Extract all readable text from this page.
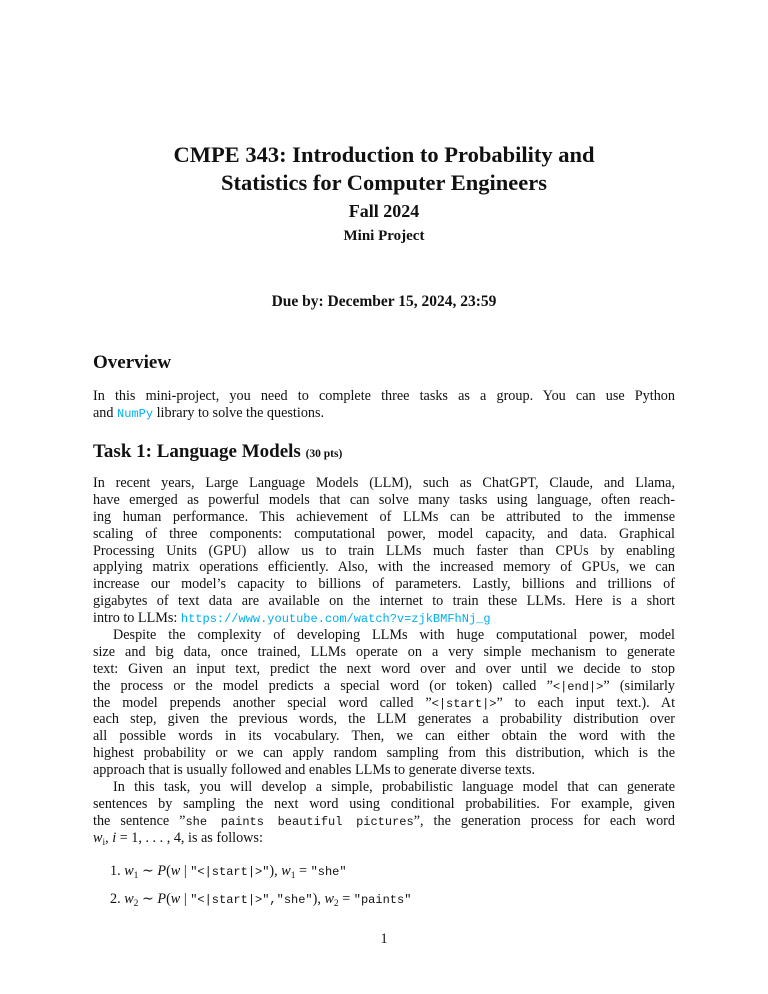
CMPE 343: Introduction to Probability and
Statistics for Computer Engineers
Fall 2024
Mini Project
Due by: December 15, 2024, 23:59
Overview
In this mini-project, you need to complete three tasks as a group. You can use Python
and NumPy library to solve the questions.
Task 1: Language Models (30 pts)
In recent years, Large Language Models (LLM), such as ChatGPT, Claude, and Llama,
have emerged as powerful models that can solve many tasks using language, often reach-
ing human performance. This achievement of LLMs can be attributed to the immense
scaling of three components: computational power, model capacity, and data. Graphical
Processing Units (GPU) allow us to train LLMs much faster than CPUs by enabling
applying matrix operations efficiently. Also, with the increased memory of GPUs, we can
increase our model’s capacity to billions of parameters. Lastly, billions and trillions of
gigabytes of text data are available on the internet to train these LLMs. Here is a short
intro to LLMs: https://www.youtube.com/watch?v=zjkBMFhNj_g
Despite the complexity of developing LLMs with huge computational power, model
size and big data, once trained, LLMs operate on a very simple mechanism to generate
text: Given an input text, predict the next word over and over until we decide to stop
the process or the model predicts a special word (or token) called ”<|end|>” (similarly
the model prepends another special word called ”<|start|>” to each input text.). At
each step, given the previous words, the LLM generates a probability distribution over
all possible words in its vocabulary. Then, we can either obtain the word with the
highest probability or we can apply random sampling from this distribution, which is the
approach that is usually followed and enables LLMs to generate diverse texts.
In this task, you will develop a simple, probabilistic language model that can generate
sentences by sampling the next word using conditional probabilities. For example, given
the sentence ”she paints beautiful pictures”, the generation process for each word
$w_i$, i = 1, . . . , 4, is as follows:
1. $w_1$ ∼ P(w | "<|start|>"), $w_1$ = "she"
2. $w_2$ ∼ P(w | "<|start|>","she"), $w_2$ = "paints"
1
